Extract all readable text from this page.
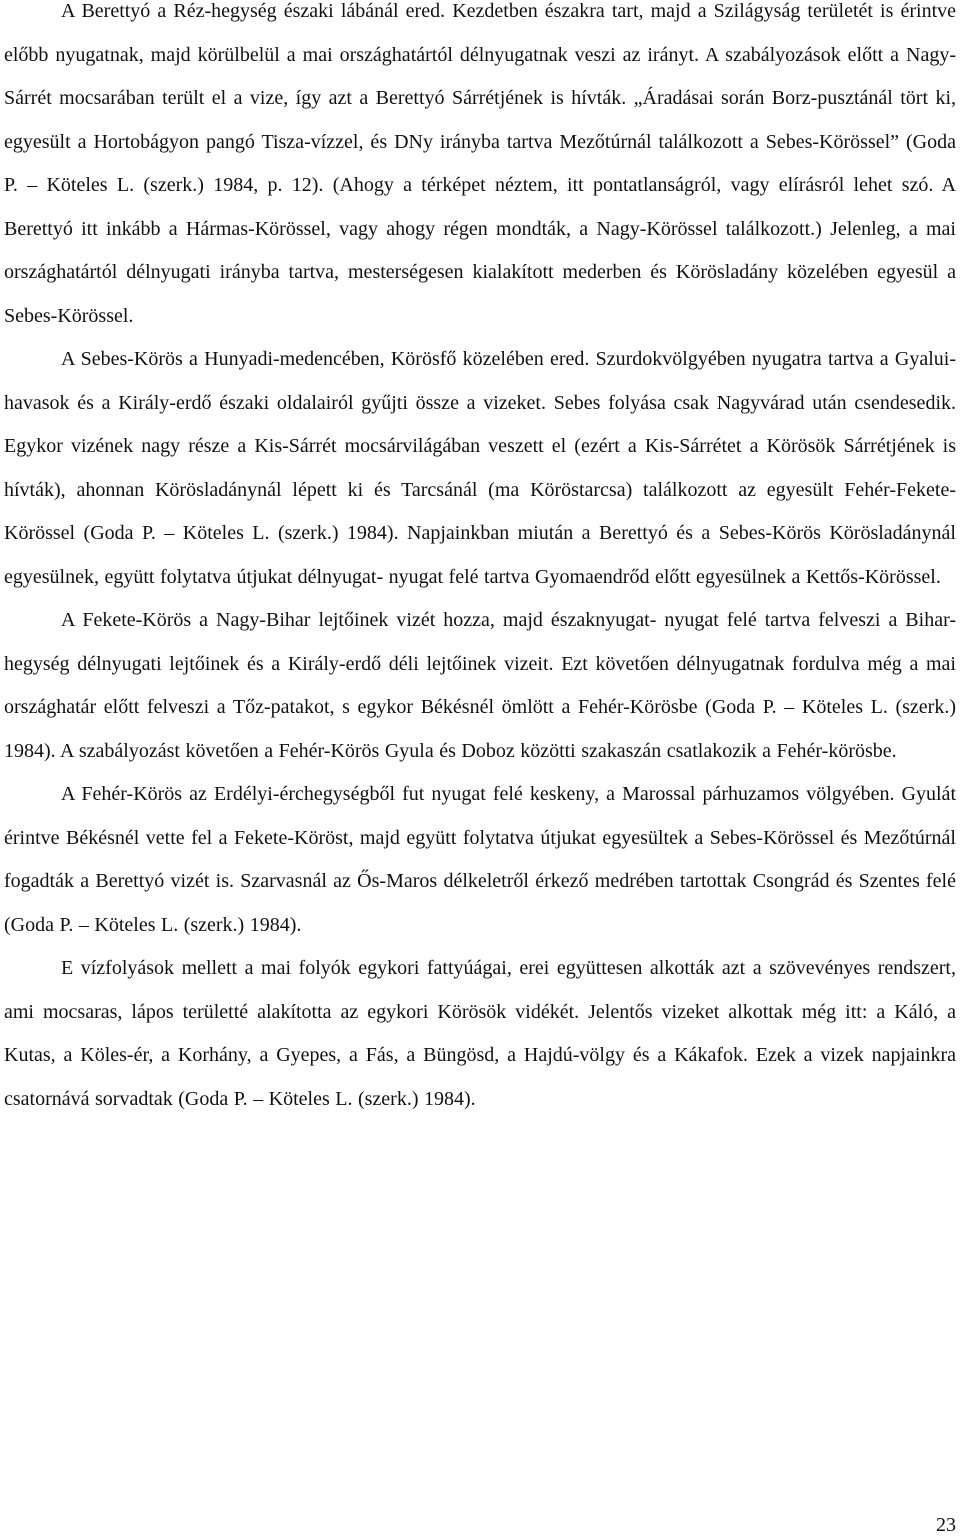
A Berettyó a Réz-hegység északi lábánál ered. Kezdetben északra tart, majd a Szilágyság területét is érintve előbb nyugatnak, majd körülbelül a mai országhatártól délnyugatnak veszi az irányt. A szabályozások előtt a Nagy-Sárrét mocsarában terült el a vize, így azt a Berettyó Sárrétjének is hívták. „Áradásai során Borz-pusztánál tört ki, egyesült a Hortobágyon pangó Tisza-vízzel, és DNy irányba tartva Mezőtúrnál találkozott a Sebes-Körössel” (Goda P. – Köteles L. (szerk.) 1984, p. 12). (Ahogy a térképet néztem, itt pontatlanságról, vagy elírásról lehet szó. A Berettyó itt inkább a Hármas-Körössel, vagy ahogy régen mondták, a Nagy-Körössel találkozott.) Jelenleg, a mai országhatártól délnyugati irányba tartva, mesterségesen kialakított mederben és Körösladány közelében egyesül a Sebes-Körössel.

A Sebes-Körös a Hunyadi-medencében, Körösfő közelében ered. Szurdokvölgyében nyugatra tartva a Gyalui-havasok és a Király-erdő északi oldalairól gyűjti össze a vizeket. Sebes folyása csak Nagyvárad után csendesedik. Egykor vizének nagy része a Kis-Sárrét mocsárvilágában veszett el (ezért a Kis-Sárrétet a Körösök Sárrétjének is hívták), ahonnan Körösladánynál lépett ki és Tarcsánál (ma Köröstarcsa) találkozott az egyesült Fehér-Fekete-Körössel (Goda P. – Köteles L. (szerk.) 1984). Napjainkban miután a Berettyó és a Sebes-Körös Körösladánynál egyesülnek, együtt folytatva útjukat délnyugat- nyugat felé tartva Gyomaendrőd előtt egyesülnek a Kettős-Körössel.

A Fekete-Körös a Nagy-Bihar lejtőinek vizét hozza, majd északnyugat- nyugat felé tartva felveszi a Bihar-hegység délnyugati lejtőinek és a Király-erdő déli lejtőinek vizeit. Ezt követően délnyugatnak fordulva még a mai országhatár előtt felveszi a Tőz-patakot, s egykor Békésnél ömlött a Fehér-Körösbe (Goda P. – Köteles L. (szerk.) 1984). A szabályozást követően a Fehér-Körös Gyula és Doboz közötti szakaszán csatlakozik a Fehér-körösbe.

A Fehér-Körös az Erdélyi-érchegységből fut nyugat felé keskeny, a Marossal párhuzamos völgyében. Gyulát érintve Békésnél vette fel a Fekete-Köröst, majd együtt folytatva útjukat egyesültek a Sebes-Körössel és Mezőtúrnál fogadták a Berettyó vizét is. Szarvasnál az Ős-Maros délkeletről érkező medrében tartottak Csongrád és Szentes felé (Goda P. – Köteles L. (szerk.) 1984).

E vízfolyások mellett a mai folyók egykori fattyúágai, erei együttesen alkották azt a szövevényes rendszert, ami mocsaras, lápos területté alakította az egykori Körösök vidékét. Jelentős vizeket alkottak még itt: a Káló, a Kutas, a Köles-ér, a Korhány, a Gyepes, a Fás, a Büngösd, a Hajdú-völgy és a Kákafok. Ezek a vizek napjainkra csatornává sorvadtak (Goda P. – Köteles L. (szerk.) 1984).

23
